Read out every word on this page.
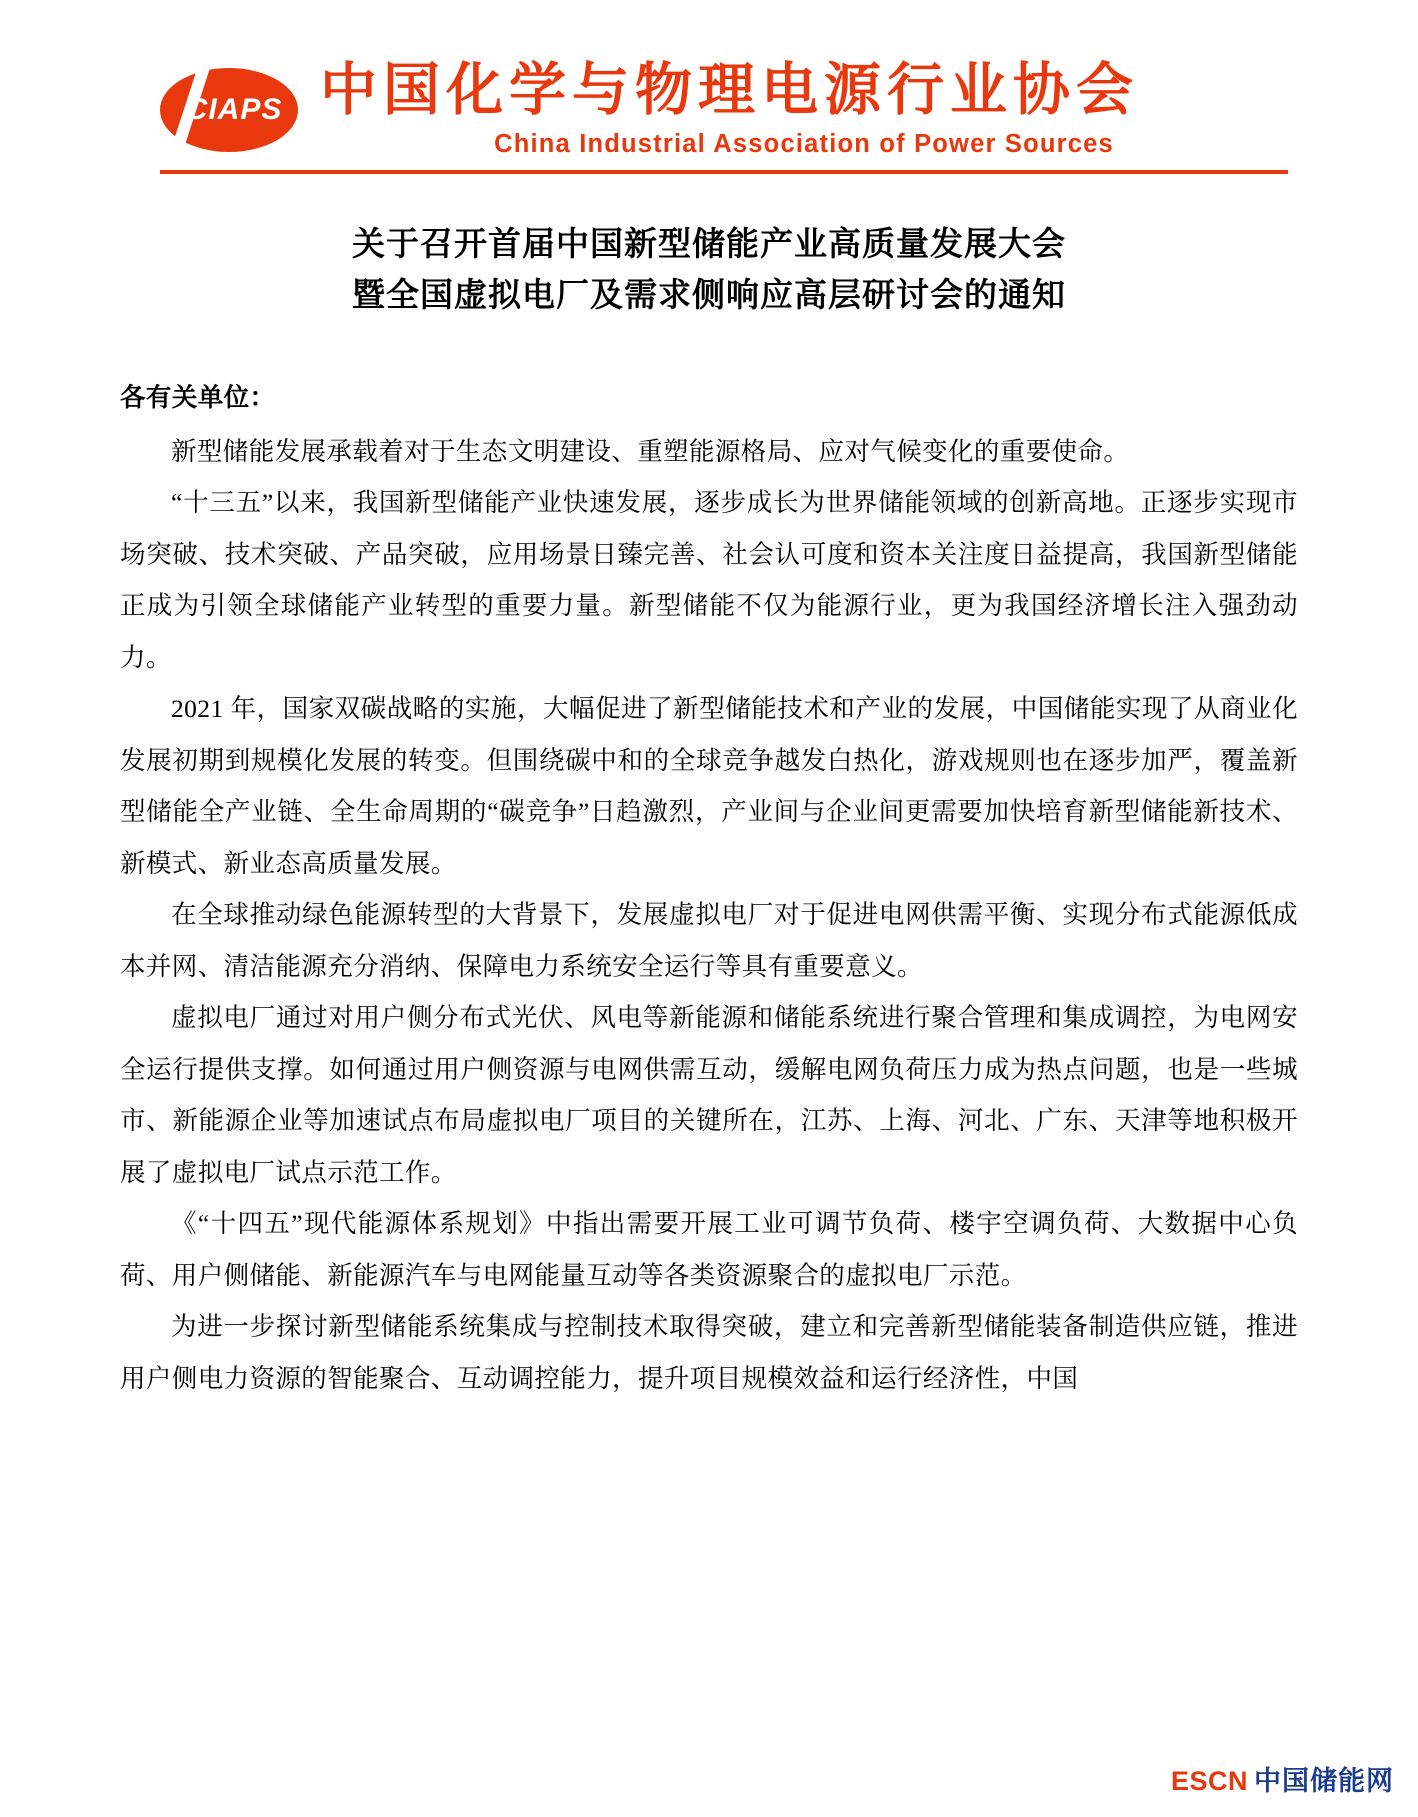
CIAPS 中国化学与物理电源行业协会
China Industrial Association of Power Sources
关于召开首届中国新型储能产业高质量发展大会
暨全国虚拟电厂及需求侧响应高层研讨会的通知

各有关单位：

新型储能发展承载着对于生态文明建设、重塑能源格局、应对气候变化的重要使命。

“十三五”以来，我国新型储能产业快速发展，逐步成长为世界储能领域的创新高地。正逐步实现市场突破、技术突破、产品突破，应用场景日臻完善、社会认可度和资本关注度日益提高，我国新型储能正成为引领全球储能产业转型的重要力量。新型储能不仅为能源行业，更为我国经济增长注入强劲动力。

2021 年，国家双碳战略的实施，大幅促进了新型储能技术和产业的发展，中国储能实现了从商业化发展初期到规模化发展的转变。但围绕碳中和的全球竞争越发白热化，游戏规则也在逐步加严，覆盖新型储能全产业链、全生命周期的“碳竞争”日趋激烈，产业间与企业间更需要加快培育新型储能新技术、新模式、新业态高质量发展。

在全球推动绿色能源转型的大背景下，发展虚拟电厂对于促进电网供需平衡、实现分布式能源低成本并网、清洁能源充分消纳、保障电力系统安全运行等具有重要意义。

虚拟电厂通过对用户侧分布式光伏、风电等新能源和储能系统进行聚合管理和集成调控，为电网安全运行提供支撑。如何通过用户侧资源与电网供需互动，缓解电网负荷压力成为热点问题，也是一些城市、新能源企业等加速试点布局虚拟电厂项目的关键所在，江苏、上海、河北、广东、天津等地积极开展了虚拟电厂试点示范工作。

《“十四五”现代能源体系规划》中指出需要开展工业可调节负荷、楼宇空调负荷、大数据中心负荷、用户侧储能、新能源汽车与电网能量互动等各类资源聚合的虚拟电厂示范。

为进一步探讨新型储能系统集成与控制技术取得突破，建立和完善新型储能装备制造供应链，推进用户侧电力资源的智能聚合、互动调控能力，提升项目规模效益和运行经济性，中国

ESCN 中国储能网
